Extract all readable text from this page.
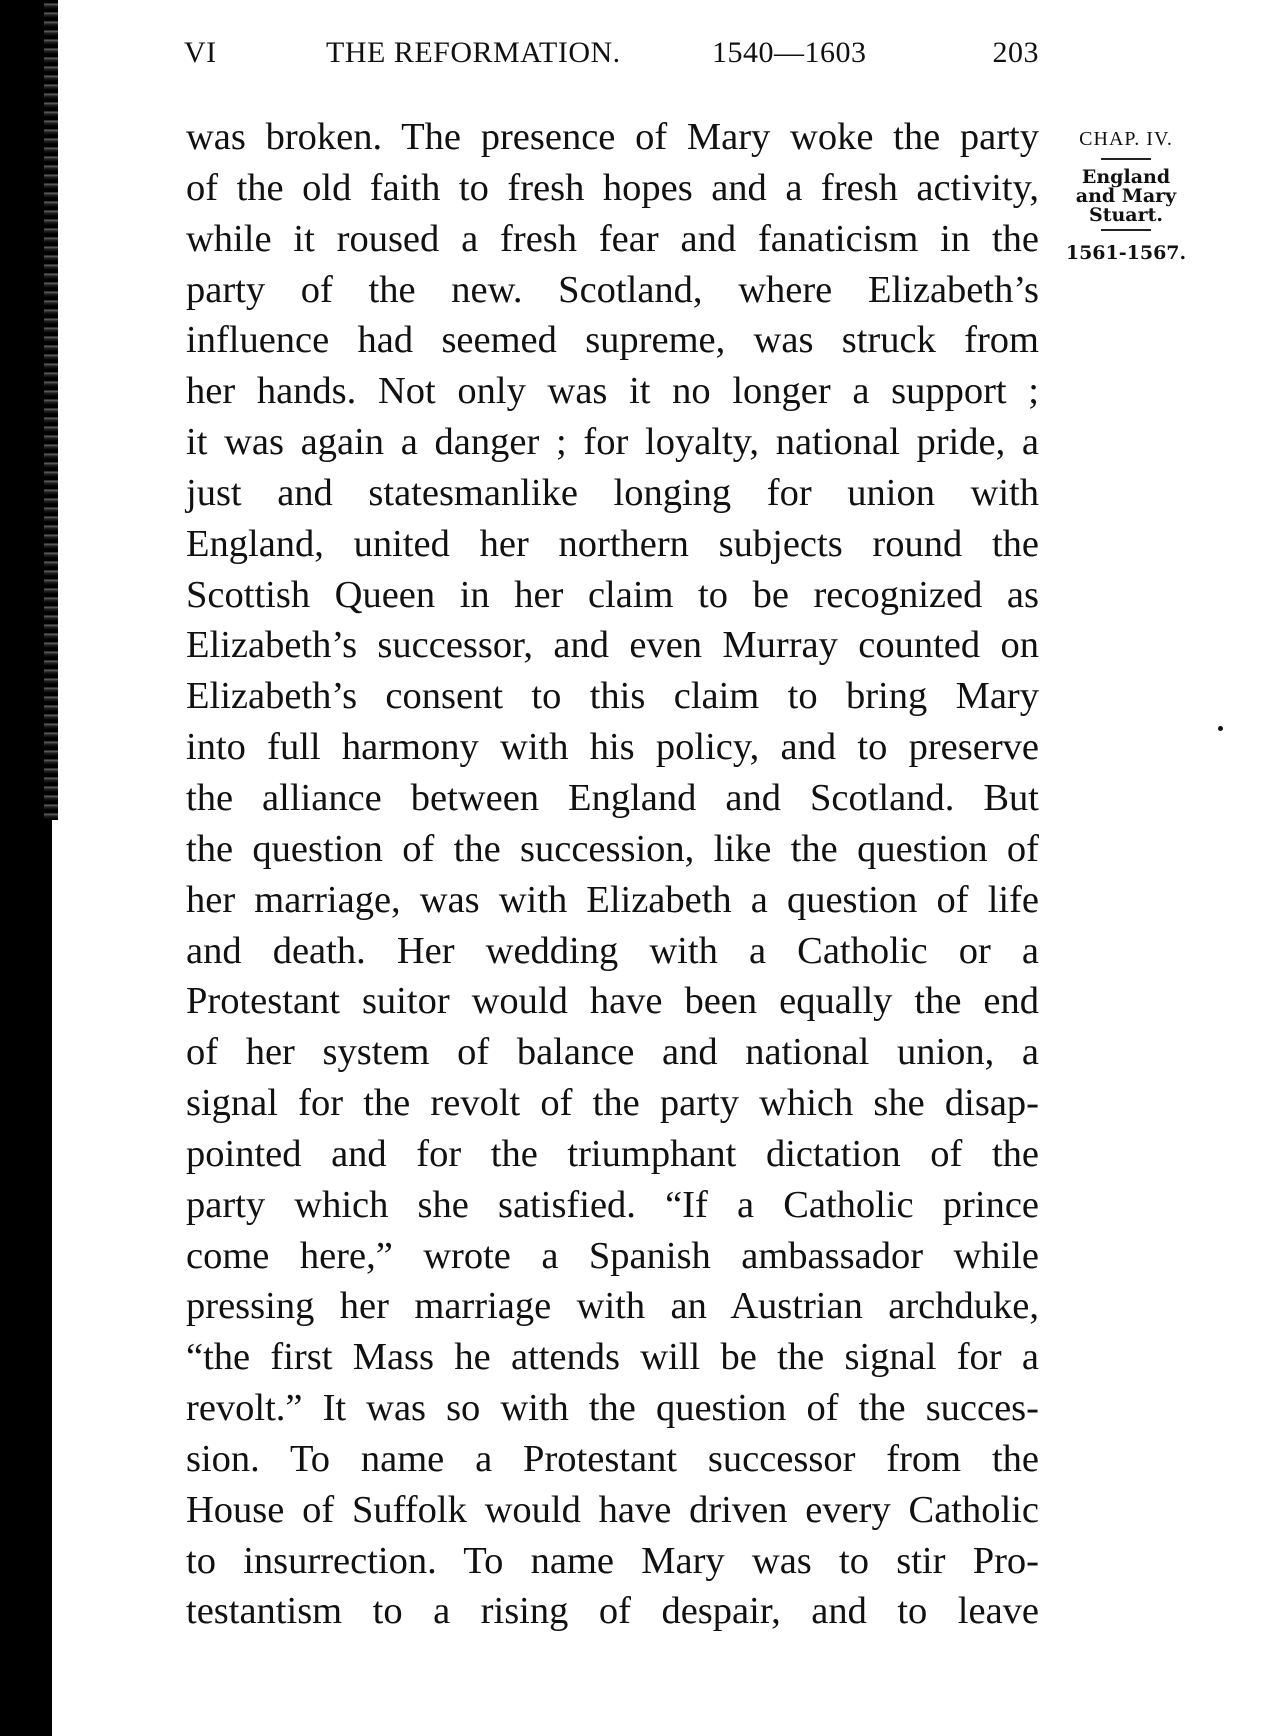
VI	THE REFORMATION.	1540—1603	203
was broken. The presence of Mary woke the party
of the old faith to fresh hopes and a fresh activity,
while it roused a fresh fear and fanaticism in the
party of the new. Scotland, where Elizabeth’s
influence had seemed supreme, was struck from
her hands. Not only was it no longer a support ;
it was again a danger ; for loyalty, national pride, a
just and statesmanlike longing for union with
England, united her northern subjects round the
Scottish Queen in her claim to be recognized as
Elizabeth’s successor, and even Murray counted on
Elizabeth’s consent to this claim to bring Mary
into full harmony with his policy, and to preserve
the alliance between England and Scotland. But
the question of the succession, like the question of
her marriage, was with Elizabeth a question of life
and death. Her wedding with a Catholic or a
Protestant suitor would have been equally the end
of her system of balance and national union, a
signal for the revolt of the party which she disap-
pointed and for the triumphant dictation of the
party which she satisfied. “If a Catholic prince
come here,” wrote a Spanish ambassador while
pressing her marriage with an Austrian archduke,
“the first Mass he attends will be the signal for a
revolt.” It was so with the question of the succes-
sion. To name a Protestant successor from the
House of Suffolk would have driven every Catholic
to insurrection. To name Mary was to stir Pro-
testantism to a rising of despair, and to leave
CHAP. IV.
England
and Mary
Stuart.
1561-1567.
